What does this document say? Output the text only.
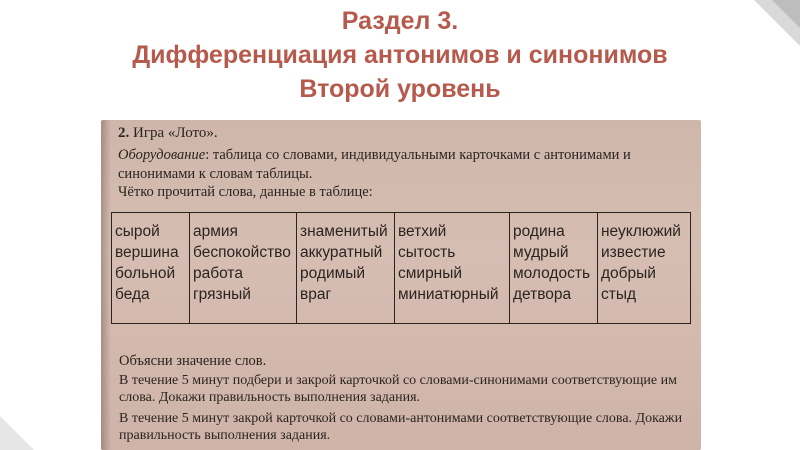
Раздел 3.

Дифференциация антонимов и синонимов

Второй уровень

2. Игра «Лото».
Оборудование: таблица со словами, индивидуальными карточками с антонимами и синонимами к словам таблицы.
Чётко прочитай слова, данные в таблице:
сырой
вершина
больной
беда
армия
беспокойство
работа
грязный
знаменитый
аккуратный
родимый
враг
ветхий
сытость
смирный
миниатюрный
родина
мудрый
молодость
детвора
неуклюжий
известие
добрый
стыд
Объясни значение слов.
В течение 5 минут подбери и закрой карточкой со словами-синонимами соответствующие им слова. Докажи правильность выполнения задания.
В течение 5 минут закрой карточкой со словами-антонимами соответствующие слова. Докажи правильность выполнения задания.
